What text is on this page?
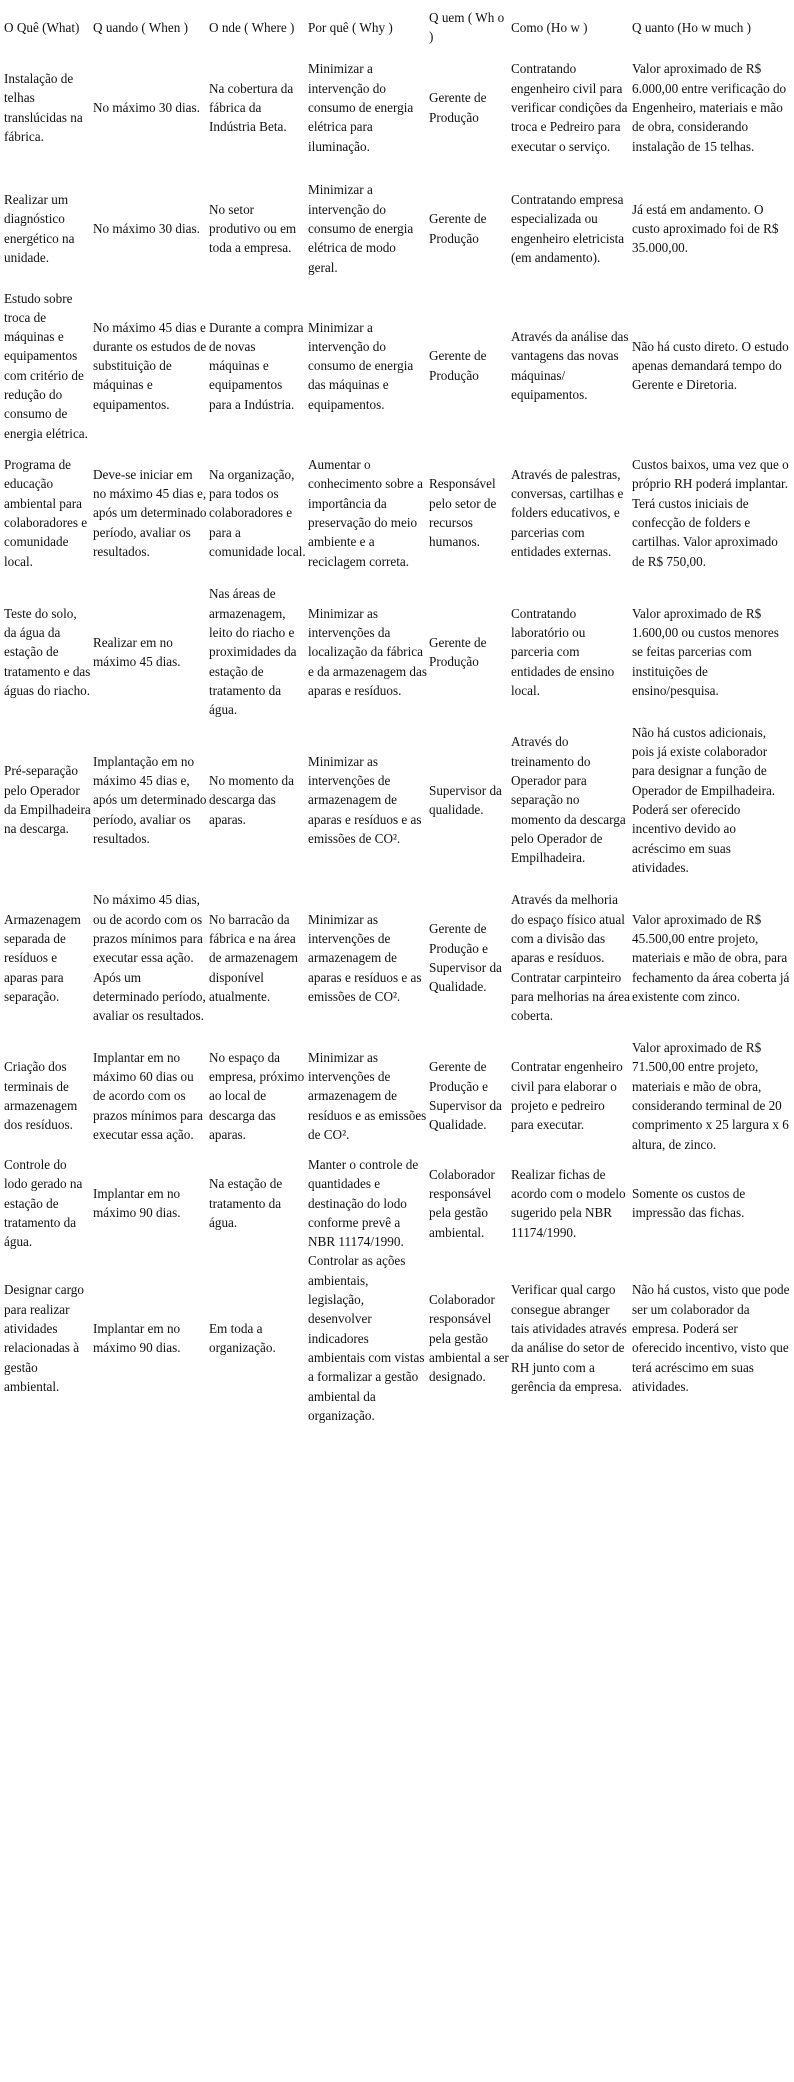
O Quê (What)	Q uando ( When )	O nde ( Where )	Por quê ( Why )	Q uem ( Wh o )	Como (Ho w )	Q uanto (Ho w much )
Instalação de telhas translúcidas na fábrica.	No máximo 30 dias.	Na cobertura da fábrica da Indústria Beta.	Minimizar a intervenção do consumo de energia elétrica para iluminação.	Gerente de Produção	Contratando engenheiro civil para verificar condições da troca e Pedreiro para executar o serviço.	Valor aproximado de R$ 6.000,00 entre verificação do Engenheiro, materiais e mão de obra, considerando instalação de 15 telhas.
Realizar um diagnóstico energético na unidade.	No máximo 30 dias.	No setor produtivo ou em toda a empresa.	Minimizar a intervenção do consumo de energia elétrica de modo geral.	Gerente de Produção	Contratando empresa especializada ou engenheiro eletricista (em andamento).	Já está em andamento. O custo aproximado foi de R$ 35.000,00.
Estudo sobre troca de máquinas e equipamentos com critério de redução do consumo de energia elétrica.	No máximo 45 dias e durante os estudos de substituição de máquinas e equipamentos.	Durante a compra de novas máquinas e equipamentos para a Indústria.	Minimizar a intervenção do consumo de energia das máquinas e equipamentos.	Gerente de Produção	Através da análise das vantagens das novas máquinas/ equipamentos.	Não há custo direto. O estudo apenas demandará tempo do Gerente e Diretoria.
Programa de educação ambiental para colaboradores e comunidade local.	Deve-se iniciar em no máximo 45 dias e, após um determinado período, avaliar os resultados.	Na organização, para todos os colaboradores e para a comunidade local.	Aumentar o conhecimento sobre a importância da preservação do meio ambiente e a reciclagem correta.	Responsável pelo setor de recursos humanos.	Através de palestras, conversas, cartilhas e folders educativos, e parcerias com entidades externas.	Custos baixos, uma vez que o próprio RH poderá implantar. Terá custos iniciais de confecção de folders e cartilhas. Valor aproximado de R$ 750,00.
Teste do solo, da água da estação de tratamento e das águas do riacho.	Realizar em no máximo 45 dias.	Nas áreas de armazenagem, leito do riacho e proximidades da estação de tratamento da água.	Minimizar as intervenções da localização da fábrica e da armazenagem das aparas e resíduos.	Gerente de Produção	Contratando laboratório ou parceria com entidades de ensino local.	Valor aproximado de R$ 1.600,00 ou custos menores se feitas parcerias com instituições de ensino/pesquisa.
Pré-separação pelo Operador da Empilhadeira na descarga.	Implantação em no máximo 45 dias e, após um determinado período, avaliar os resultados.	No momento da descarga das aparas.	Minimizar as intervenções de armazenagem de aparas e resíduos e as emissões de CO².	Supervisor da qualidade.	Através do treinamento do Operador para separação no momento da descarga pelo Operador de Empilhadeira.	Não há custos adicionais, pois já existe colaborador para designar a função de Operador de Empilhadeira. Poderá ser oferecido incentivo devido ao acréscimo em suas atividades.
Armazenagem separada de resíduos e aparas para separação.	No máximo 45 dias, ou de acordo com os prazos mínimos para executar essa ação. Após um determinado período, avaliar os resultados.	No barracão da fábrica e na área de armazenagem disponível atualmente.	Minimizar as intervenções de armazenagem de aparas e resíduos e as emissões de CO².	Gerente de Produção e Supervisor da Qualidade.	Através da melhoria do espaço físico atual com a divisão das aparas e resíduos. Contratar carpinteiro para melhorias na área coberta.	Valor aproximado de R$ 45.500,00 entre projeto, materiais e mão de obra, para fechamento da área coberta já existente com zinco.
Criação dos terminais de armazenagem dos resíduos.	Implantar em no máximo 60 dias ou de acordo com os prazos mínimos para executar essa ação.	No espaço da empresa, próximo ao local de descarga das aparas.	Minimizar as intervenções de armazenagem de resíduos e as emissões de CO².	Gerente de Produção e Supervisor da Qualidade.	Contratar engenheiro civil para elaborar o projeto e pedreiro para executar.	Valor aproximado de R$ 71.500,00 entre projeto, materiais e mão de obra, considerando terminal de 20 comprimento x 25 largura x 6 altura, de zinco.
Controle do lodo gerado na estação de tratamento da água.	Implantar em no máximo 90 dias.	Na estação de tratamento da água.	Manter o controle de quantidades e destinação do lodo conforme prevê a NBR 11174/1990.	Colaborador responsável pela gestão ambiental.	Realizar fichas de acordo com o modelo sugerido pela NBR 11174/1990.	Somente os custos de impressão das fichas.
Designar cargo para realizar atividades relacionadas à gestão ambiental.	Implantar em no máximo 90 dias.	Em toda a organização.	Controlar as ações ambientais, legislação, desenvolver indicadores ambientais com vistas a formalizar a gestão ambiental da organização.	Colaborador responsável pela gestão ambiental a ser designado.	Verificar qual cargo consegue abranger tais atividades através da análise do setor de RH junto com a gerência da empresa.	Não há custos, visto que pode ser um colaborador da empresa. Poderá ser oferecido incentivo, visto que terá acréscimo em suas atividades.
